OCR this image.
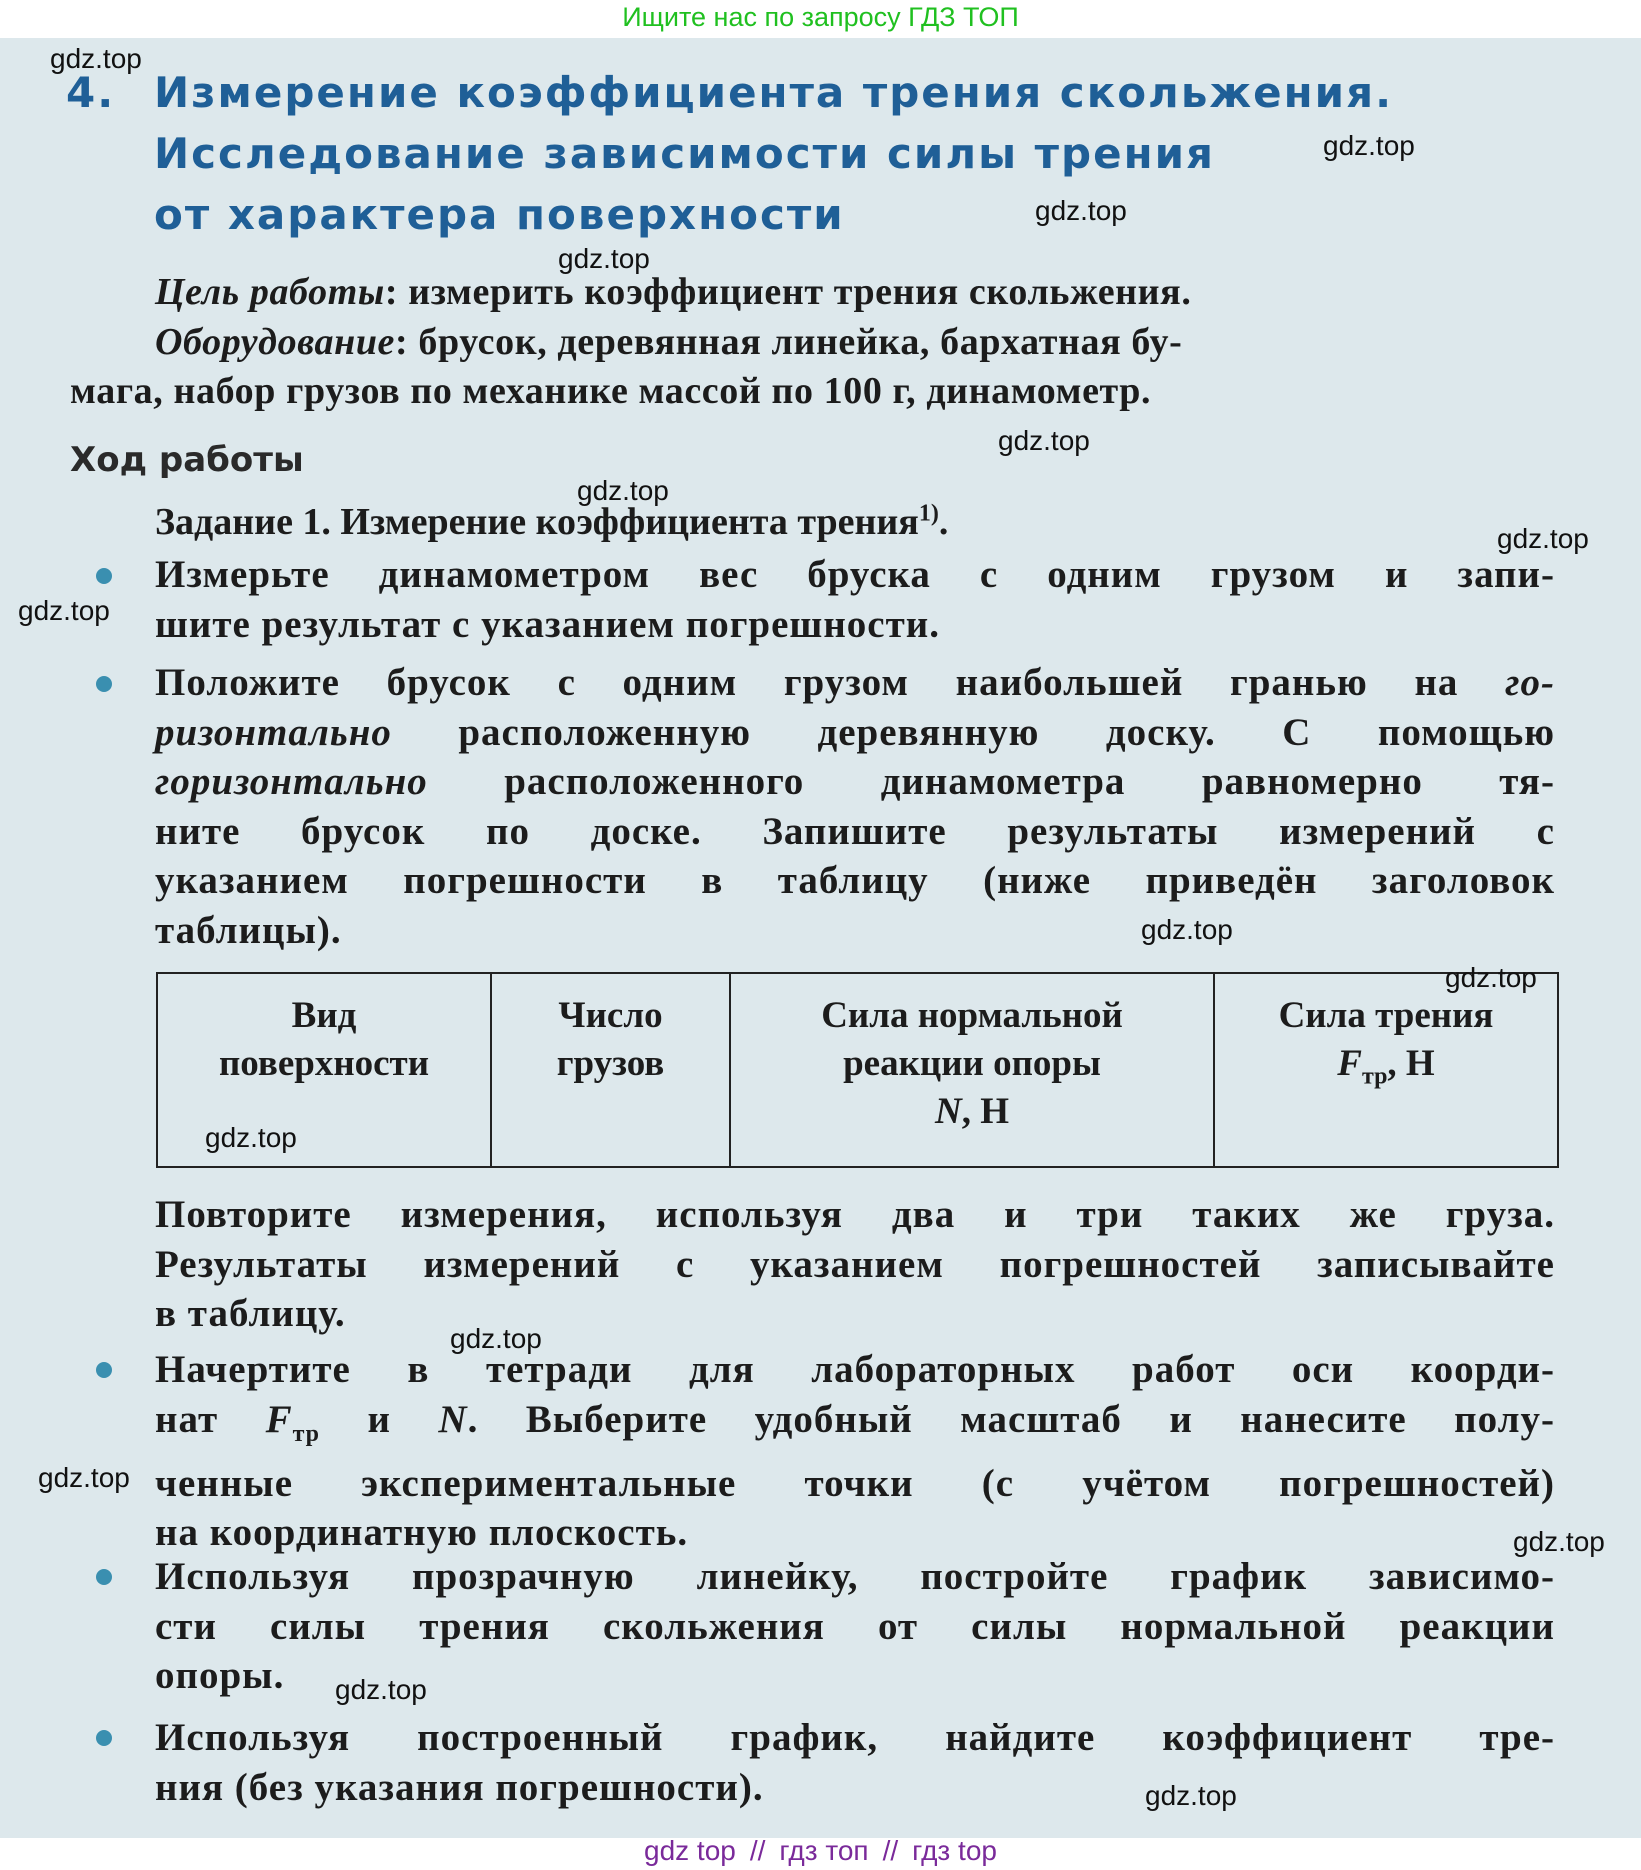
Ищите нас по запросу ГДЗ ТОП
4. Измерение коэффициента трения скольжения.
Исследование зависимости силы трения
от характера поверхности
Цель работы: измерить коэффициент трения скольжения.
Оборудование: брусок, деревянная линейка, бархатная бу-
мага, набор грузов по механике массой по 100 г, динамометр.
Ход работы
Задание 1. Измерение коэффициента трения$^{1)}$.
Измерьте динамометром вес бруска с одним грузом и запи-
шите результат с указанием погрешности.
Положите брусок с одним грузом наибольшей гранью на го-
ризонтально расположенную деревянную доску. С помощью
горизонтально расположенного динамометра равномерно тя-
ните брусок по доске. Запишите результаты измерений с
указанием погрешности в таблицу (ниже приведён заголовок
таблицы).
Вид
поверхности	Число
грузов	Сила нормальной
реакции опоры
N, Н	Сила трения
$F_{тр}$, Н
Повторите измерения, используя два и три таких же груза.
Результаты измерений с указанием погрешностей записывайте
в таблицу.
Начертите в тетради для лабораторных работ оси коорди-
нат $F_{тр}$ и N. Выберите удобный масштаб и нанесите полу-
ченные экспериментальные точки (с учётом погрешностей)
на координатную плоскость.
Используя прозрачную линейку, постройте график зависимо-
сти силы трения скольжения от силы нормальной реакции
опоры.
Используя построенный график, найдите коэффициент тре-
ния (без указания погрешности).
gdz.top
gdz.top
gdz.top
gdz.top
gdz.top
gdz.top
gdz.top
gdz.top
gdz.top
gdz.top
gdz.top
gdz.top
gdz.top
gdz.top
gdz.top
gdz.top
gdz top // гдз топ // гдз top
